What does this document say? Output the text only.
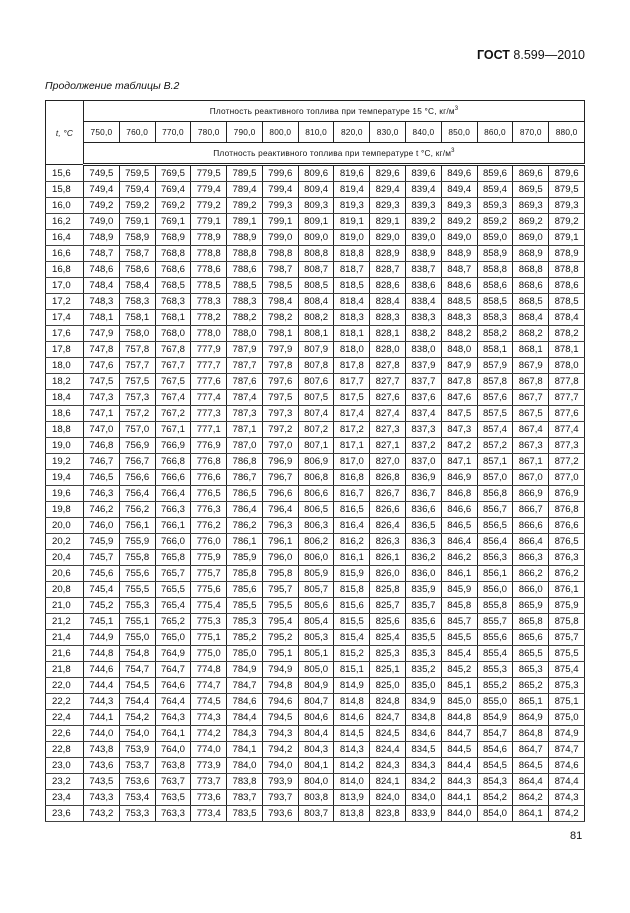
ГОСТ 8.599—2010
Продолжение таблицы В.2
t, °С	Плотность реактивного топлива при температуре 15 °С, $кг/м^3$
	750,0	760,0	770,0	780,0	790,0	800,0	810,0	820,0	830,0	840,0	850,0	860,0	870,0	880,0
	Плотность реактивного топлива при температуре t °С, $кг/м^3$
15,6	749,5	759,5	769,5	779,5	789,5	799,6	809,6	819,6	829,6	839,6	849,6	859,6	869,6	879,6
15,8	749,4	759,4	769,4	779,4	789,4	799,4	809,4	819,4	829,4	839,4	849,4	859,4	869,5	879,5
16,0	749,2	759,2	769,2	779,2	789,2	799,3	809,3	819,3	829,3	839,3	849,3	859,3	869,3	879,3
16,2	749,0	759,1	769,1	779,1	789,1	799,1	809,1	819,1	829,1	839,2	849,2	859,2	869,2	879,2
16,4	748,9	758,9	768,9	778,9	788,9	799,0	809,0	819,0	829,0	839,0	849,0	859,0	869,0	879,1
16,6	748,7	758,7	768,8	778,8	788,8	798,8	808,8	818,8	828,9	838,9	848,9	858,9	868,9	878,9
16,8	748,6	758,6	768,6	778,6	788,6	798,7	808,7	818,7	828,7	838,7	848,7	858,8	868,8	878,8
17,0	748,4	758,4	768,5	778,5	788,5	798,5	808,5	818,5	828,6	838,6	848,6	858,6	868,6	878,6
17,2	748,3	758,3	768,3	778,3	788,3	798,4	808,4	818,4	828,4	838,4	848,5	858,5	868,5	878,5
17,4	748,1	758,1	768,1	778,2	788,2	798,2	808,2	818,3	828,3	838,3	848,3	858,3	868,4	878,4
17,6	747,9	758,0	768,0	778,0	788,0	798,1	808,1	818,1	828,1	838,2	848,2	858,2	868,2	878,2
17,8	747,8	757,8	767,8	777,9	787,9	797,9	807,9	818,0	828,0	838,0	848,0	858,1	868,1	878,1
18,0	747,6	757,7	767,7	777,7	787,7	797,8	807,8	817,8	827,8	837,9	847,9	857,9	867,9	878,0
18,2	747,5	757,5	767,5	777,6	787,6	797,6	807,6	817,7	827,7	837,7	847,8	857,8	867,8	877,8
18,4	747,3	757,3	767,4	777,4	787,4	797,5	807,5	817,5	827,6	837,6	847,6	857,6	867,7	877,7
18,6	747,1	757,2	767,2	777,3	787,3	797,3	807,4	817,4	827,4	837,4	847,5	857,5	867,5	877,6
18,8	747,0	757,0	767,1	777,1	787,1	797,2	807,2	817,2	827,3	837,3	847,3	857,4	867,4	877,4
19,0	746,8	756,9	766,9	776,9	787,0	797,0	807,1	817,1	827,1	837,2	847,2	857,2	867,3	877,3
19,2	746,7	756,7	766,8	776,8	786,8	796,9	806,9	817,0	827,0	837,0	847,1	857,1	867,1	877,2
19,4	746,5	756,6	766,6	776,6	786,7	796,7	806,8	816,8	826,8	836,9	846,9	857,0	867,0	877,0
19,6	746,3	756,4	766,4	776,5	786,5	796,6	806,6	816,7	826,7	836,7	846,8	856,8	866,9	876,9
19,8	746,2	756,2	766,3	776,3	786,4	796,4	806,5	816,5	826,6	836,6	846,6	856,7	866,7	876,8
20,0	746,0	756,1	766,1	776,2	786,2	796,3	806,3	816,4	826,4	836,5	846,5	856,5	866,6	876,6
20,2	745,9	755,9	766,0	776,0	786,1	796,1	806,2	816,2	826,3	836,3	846,4	856,4	866,4	876,5
20,4	745,7	755,8	765,8	775,9	785,9	796,0	806,0	816,1	826,1	836,2	846,2	856,3	866,3	876,3
20,6	745,6	755,6	765,7	775,7	785,8	795,8	805,9	815,9	826,0	836,0	846,1	856,1	866,2	876,2
20,8	745,4	755,5	765,5	775,6	785,6	795,7	805,7	815,8	825,8	835,9	845,9	856,0	866,0	876,1
21,0	745,2	755,3	765,4	775,4	785,5	795,5	805,6	815,6	825,7	835,7	845,8	855,8	865,9	875,9
21,2	745,1	755,1	765,2	775,3	785,3	795,4	805,4	815,5	825,6	835,6	845,7	855,7	865,8	875,8
21,4	744,9	755,0	765,0	775,1	785,2	795,2	805,3	815,4	825,4	835,5	845,5	855,6	865,6	875,7
21,6	744,8	754,8	764,9	775,0	785,0	795,1	805,1	815,2	825,3	835,3	845,4	855,4	865,5	875,5
21,8	744,6	754,7	764,7	774,8	784,9	794,9	805,0	815,1	825,1	835,2	845,2	855,3	865,3	875,4
22,0	744,4	754,5	764,6	774,7	784,7	794,8	804,9	814,9	825,0	835,0	845,1	855,2	865,2	875,3
22,2	744,3	754,4	764,4	774,5	784,6	794,6	804,7	814,8	824,8	834,9	845,0	855,0	865,1	875,1
22,4	744,1	754,2	764,3	774,3	784,4	794,5	804,6	814,6	824,7	834,8	844,8	854,9	864,9	875,0
22,6	744,0	754,0	764,1	774,2	784,3	794,3	804,4	814,5	824,5	834,6	844,7	854,7	864,8	874,9
22,8	743,8	753,9	764,0	774,0	784,1	794,2	804,3	814,3	824,4	834,5	844,5	854,6	864,7	874,7
23,0	743,6	753,7	763,8	773,9	784,0	794,0	804,1	814,2	824,3	834,3	844,4	854,5	864,5	874,6
23,2	743,5	753,6	763,7	773,7	783,8	793,9	804,0	814,0	824,1	834,2	844,3	854,3	864,4	874,4
23,4	743,3	753,4	763,5	773,6	783,7	793,7	803,8	813,9	824,0	834,0	844,1	854,2	864,2	874,3
23,6	743,2	753,3	763,3	773,4	783,5	793,6	803,7	813,8	823,8	833,9	844,0	854,0	864,1	874,2
81
